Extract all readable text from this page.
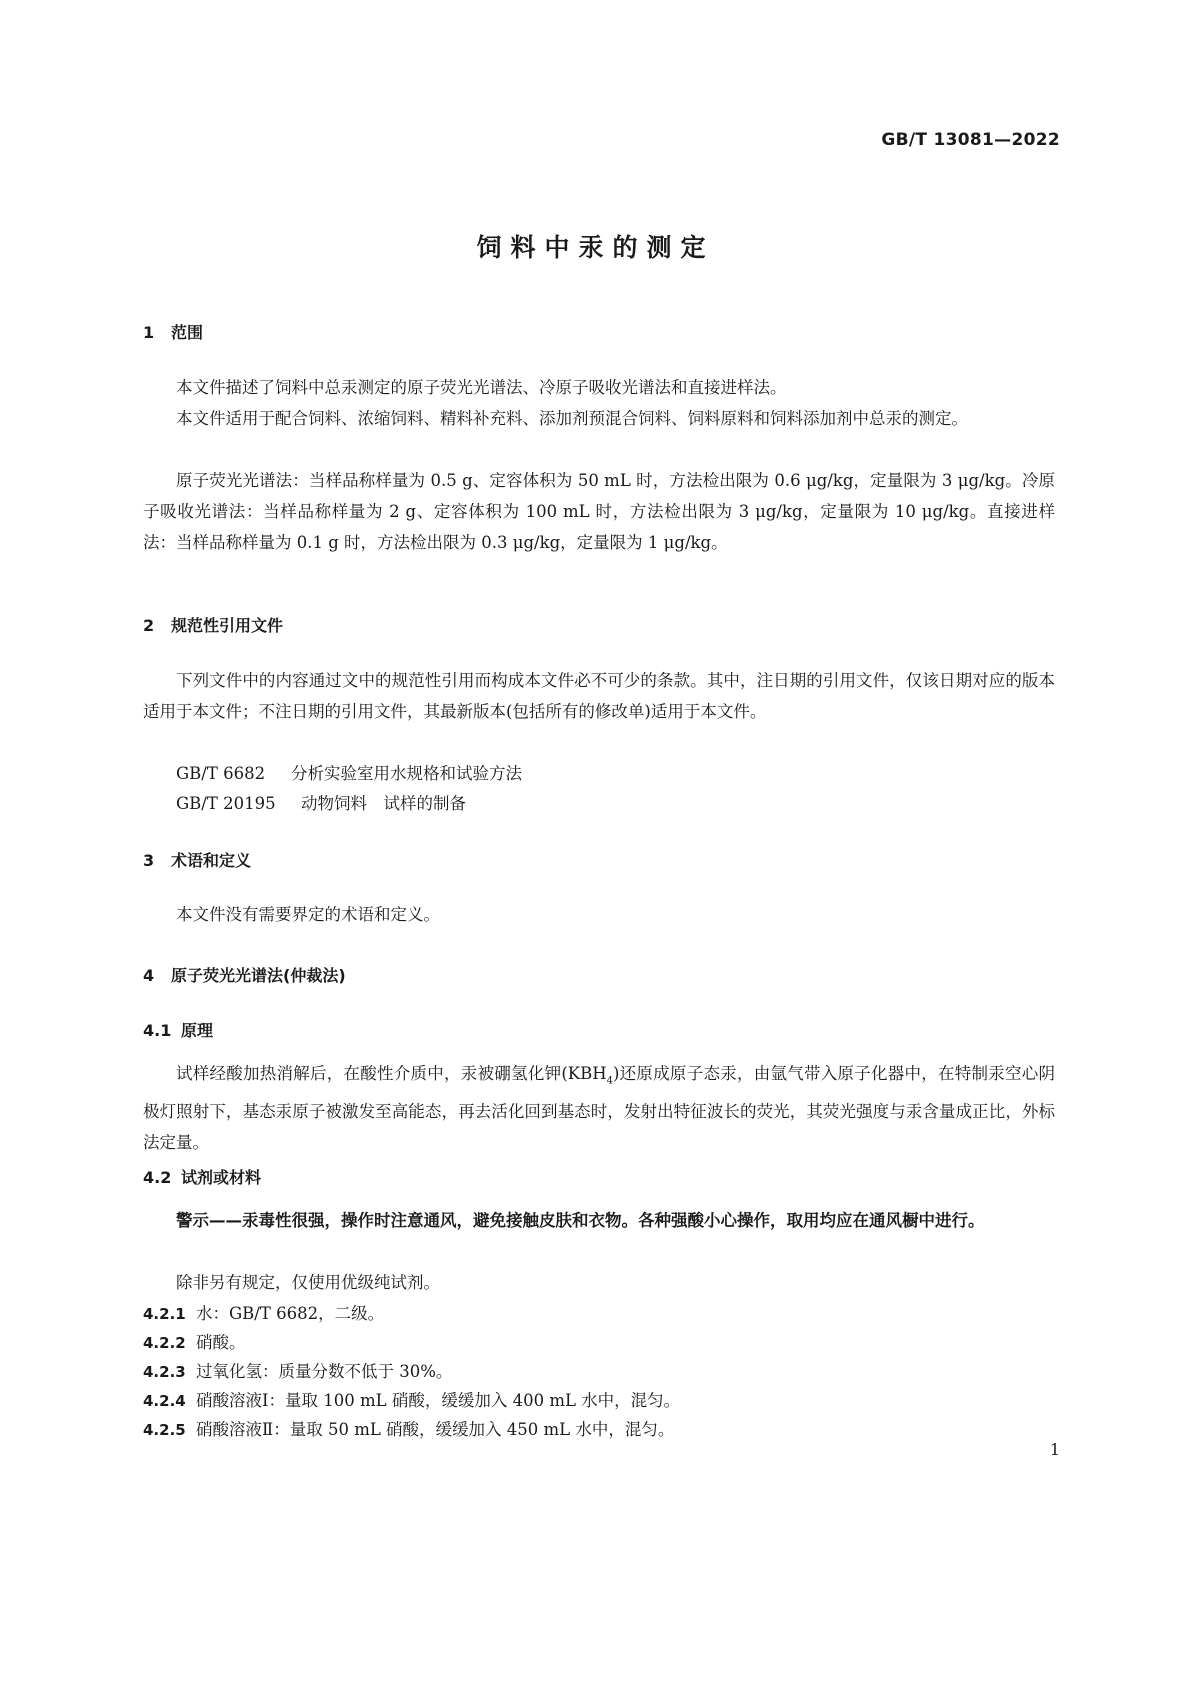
GB/T 13081—2022
饲料中汞的测定
1 范围
本文件描述了饲料中总汞测定的原子荧光光谱法、冷原子吸收光谱法和直接进样法。
本文件适用于配合饲料、浓缩饲料、精料补充料、添加剂预混合饲料、饲料原料和饲料添加剂中总汞的测定。
原子荧光光谱法：当样品称样量为 0.5 g、定容体积为 50 mL 时，方法检出限为 0.6 μg/kg，定量限为 3 μg/kg。冷原子吸收光谱法：当样品称样量为 2 g、定容体积为 100 mL 时，方法检出限为 3 μg/kg，定量限为 10 μg/kg。直接进样法：当样品称样量为 0.1 g 时，方法检出限为 0.3 μg/kg，定量限为 1 μg/kg。
2 规范性引用文件
下列文件中的内容通过文中的规范性引用而构成本文件必不可少的条款。其中，注日期的引用文件，仅该日期对应的版本适用于本文件；不注日期的引用文件，其最新版本(包括所有的修改单)适用于本文件。
GB/T 6682 分析实验室用水规格和试验方法
GB/T 20195 动物饲料　试样的制备
3 术语和定义
本文件没有需要界定的术语和定义。
4 原子荧光光谱法(仲裁法)
4.1 原理
试样经酸加热消解后，在酸性介质中，汞被硼氢化钾$(KBH_4)$还原成原子态汞，由氩气带入原子化器中，在特制汞空心阴极灯照射下，基态汞原子被激发至高能态，再去活化回到基态时，发射出特征波长的荧光，其荧光强度与汞含量成正比，外标法定量。
4.2 试剂或材料
警示——汞毒性很强，操作时注意通风，避免接触皮肤和衣物。各种强酸小心操作，取用均应在通风橱中进行。
除非另有规定，仅使用优级纯试剂。
4.2.1 水：GB/T 6682，二级。
4.2.2 硝酸。
4.2.3 过氧化氢：质量分数不低于 30%。
4.2.4 硝酸溶液Ⅰ：量取 100 mL 硝酸，缓缓加入 400 mL 水中，混匀。
4.2.5 硝酸溶液Ⅱ：量取 50 mL 硝酸，缓缓加入 450 mL 水中，混匀。
1
